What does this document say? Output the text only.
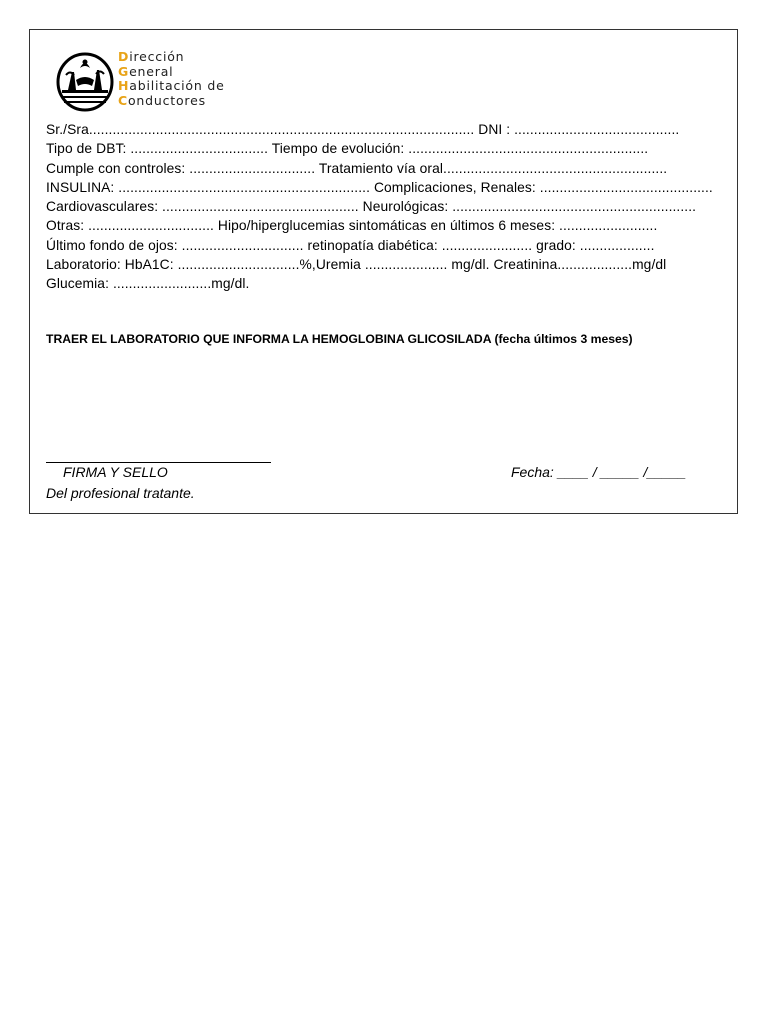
Dirección
General
Habilitación de
Conductores
Sr./Sra.................................................................................................. DNI : ..........................................
Tipo de DBT: ................................... Tiempo de evolución: .............................................................
Cumple con controles: ................................ Tratamiento vía oral.........................................................
INSULINA: ................................................................ Complicaciones, Renales: ............................................
Cardiovasculares: .................................................. Neurológicas: ..............................................................
Otras: ................................ Hipo/hiperglucemias sintomáticas en últimos 6 meses: .........................
Último fondo de ojos: ............................... retinopatía diabética: ....................... grado: ...................
Laboratorio: HbA1C: ...............................%,Uremia ..................... mg/dl. Creatinina...................mg/dl
Glucemia: .........................mg/dl.
TRAER EL LABORATORIO QUE INFORMA LA HEMOGLOBINA GLICOSILADA (fecha últimos 3 meses)
FIRMA Y SELLO
Del profesional tratante.
Fecha: ____ / _____ /_____
